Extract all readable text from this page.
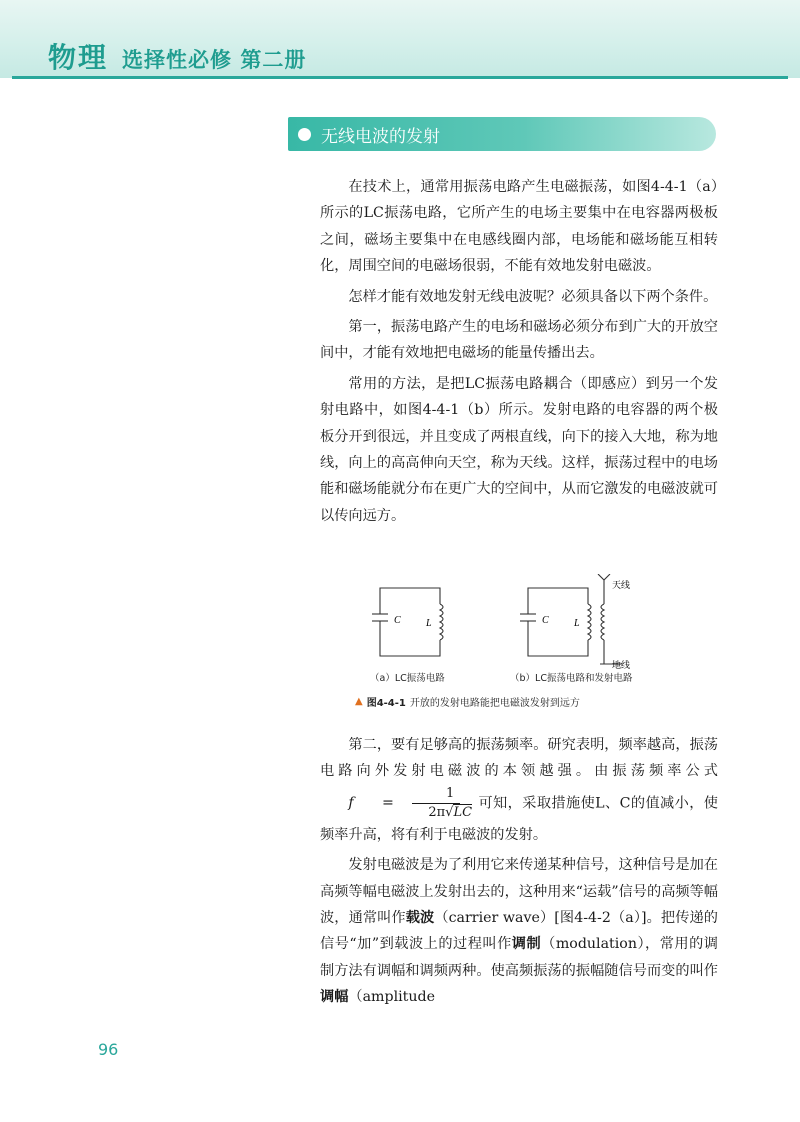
物理 选择性必修 第二册
无线电波的发射

在技术上，通常用振荡电路产生电磁振荡，如图4-4-1（a）所示的LC振荡电路，它所产生的电场主要集中在电容器两极板之间，磁场主要集中在电感线圈内部，电场能和磁场能互相转化，周围空间的电磁场很弱，不能有效地发射电磁波。

怎样才能有效地发射无线电波呢？必须具备以下两个条件。

第一，振荡电路产生的电场和磁场必须分布到广大的开放空间中，才能有效地把电磁场的能量传播出去。

常用的方法，是把LC振荡电路耦合（即感应）到另一个发射电路中，如图4-4-1（b）所示。发射电路的电容器的两个极板分开到很远，并且变成了两根直线，向下的接入大地，称为地线，向上的高高伸向天空，称为天线。这样，振荡过程中的电场能和磁场能就分布在更广大的空间中，从而它激发的电磁波就可以传向远方。

C	L	C	L
天线
地线
（a）LC振荡电路	（b）LC振荡电路和发射电路
▲ 图4-4-1 开放的发射电路能把电磁波发射到远方

第二，要有足够高的振荡频率。研究表明，频率越高，振荡电路向外发射电磁波的本领越强。由振荡频率公式
f	= $\frac{1}{2\pi√LC}$ 可知，采取措施使L、C的值减小，使频率升高，将有利于电磁波的发射。

发射电磁波是为了利用它来传递某种信号，这种信号是加在高频等幅电磁波上发射出去的，这种用来“运载”信号的高频等幅波，通常叫作载波（carrier wave）[图4-4-2（a）]。把传递的信号“加”到载波上的过程叫作调制（modulation），常用的调制方法有调幅和调频两种。使高频振荡的振幅随信号而变的叫作调幅（amplitude

96
